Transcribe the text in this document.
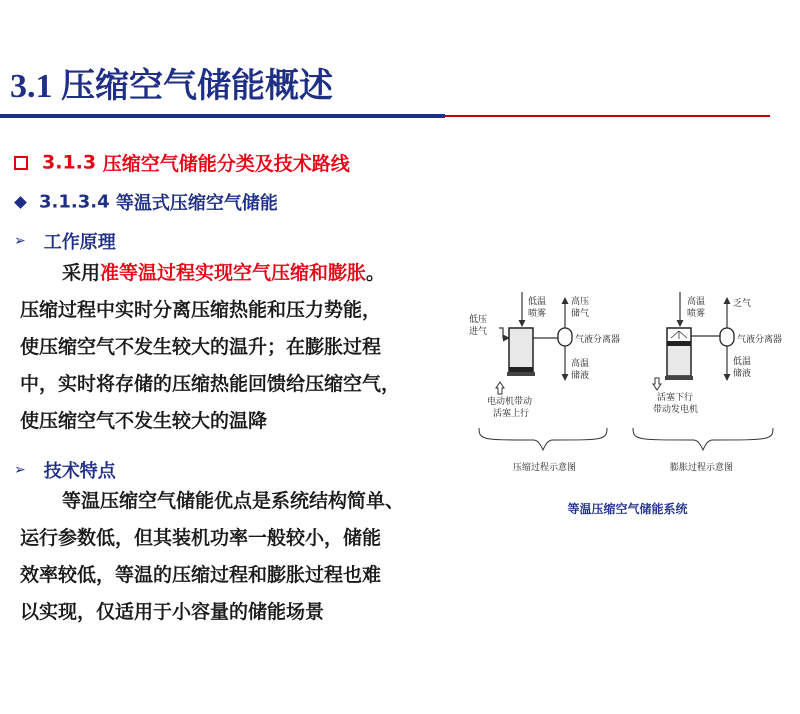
3.1 压缩空气储能概述
3.1.3 压缩空气储能分类及技术路线
3.1.3.4 等温式压缩空气储能
➢ 工作原理
采用准等温过程实现空气压缩和膨胀。
压缩过程中实时分离压缩热能和压力势能，
使压缩空气不发生较大的温升；在膨胀过程
中，实时将存储的压缩热能回馈给压缩空气，
使压缩空气不发生较大的温降
➢ 技术特点
等温压缩空气储能优点是系统结构简单、
运行参数低，但其装机功率一般较小，储能
效率较低，等温的压缩过程和膨胀过程也难
以实现，仅适用于小容量的储能场景
低温
喷雾
低压
进气
高压
储气
气液分离器
高温
储液
电动机带动
活塞上行
压缩过程示意图
高温
喷雾
乏气
气液分离器
低温
储液
活塞下行
带动发电机
膨胀过程示意图
等温压缩空气储能系统
